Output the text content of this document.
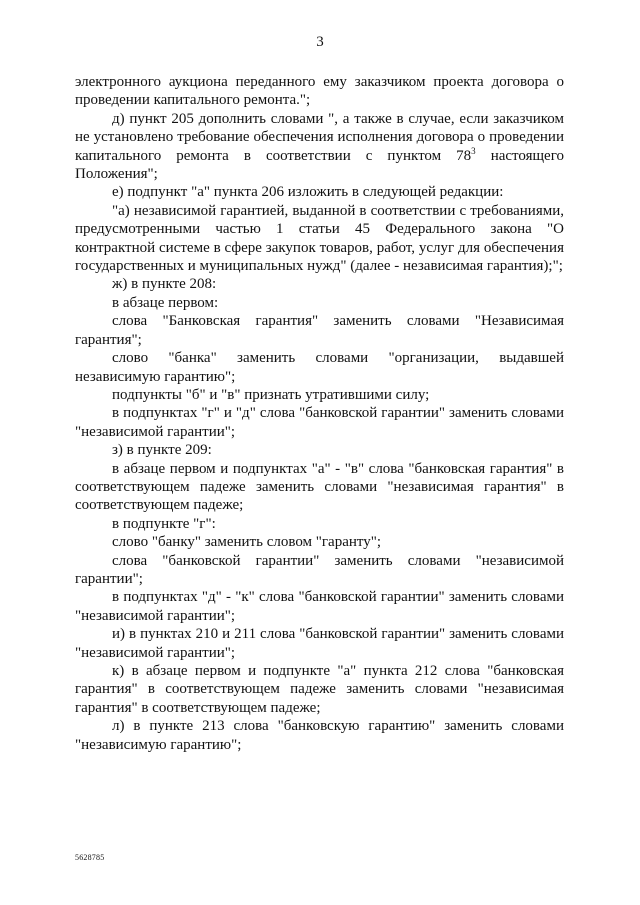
3

электронного аукциона переданного ему заказчиком проекта договора о проведении капитального ремонта.";

д) пункт 205 дополнить словами ", а также в случае, если заказчиком не установлено требование обеспечения исполнения договора о проведении капитального ремонта в соответствии с пунктом $78^3$ настоящего Положения";

е) подпункт "а" пункта 206 изложить в следующей редакции:

"а) независимой гарантией, выданной в соответствии с требованиями, предусмотренными частью 1 статьи 45 Федерального закона "О контрактной системе в сфере закупок товаров, работ, услуг для обеспечения государственных и муниципальных нужд" (далее - независимая гарантия);";

ж) в пункте 208:

в абзаце первом:

слова "Банковская гарантия" заменить словами "Независимая гарантия";

слово "банка" заменить словами "организации, выдавшей независимую гарантию";

подпункты "б" и "в" признать утратившими силу;

в подпунктах "г" и "д" слова "банковской гарантии" заменить словами "независимой гарантии";

з) в пункте 209:

в абзаце первом и подпунктах "а" - "в" слова "банковская гарантия" в соответствующем падеже заменить словами "независимая гарантия" в соответствующем падеже;

в подпункте "г":

слово "банку" заменить словом "гаранту";

слова "банковской гарантии" заменить словами "независимой гарантии";

в подпунктах "д" - "к" слова "банковской гарантии" заменить словами "независимой гарантии";

и) в пунктах 210 и 211 слова "банковской гарантии" заменить словами "независимой гарантии";

к) в абзаце первом и подпункте "а" пункта 212 слова "банковская гарантия" в соответствующем падеже заменить словами "независимая гарантия" в соответствующем падеже;

л) в пункте 213 слова "банковскую гарантию" заменить словами "независимую гарантию";

5628785
